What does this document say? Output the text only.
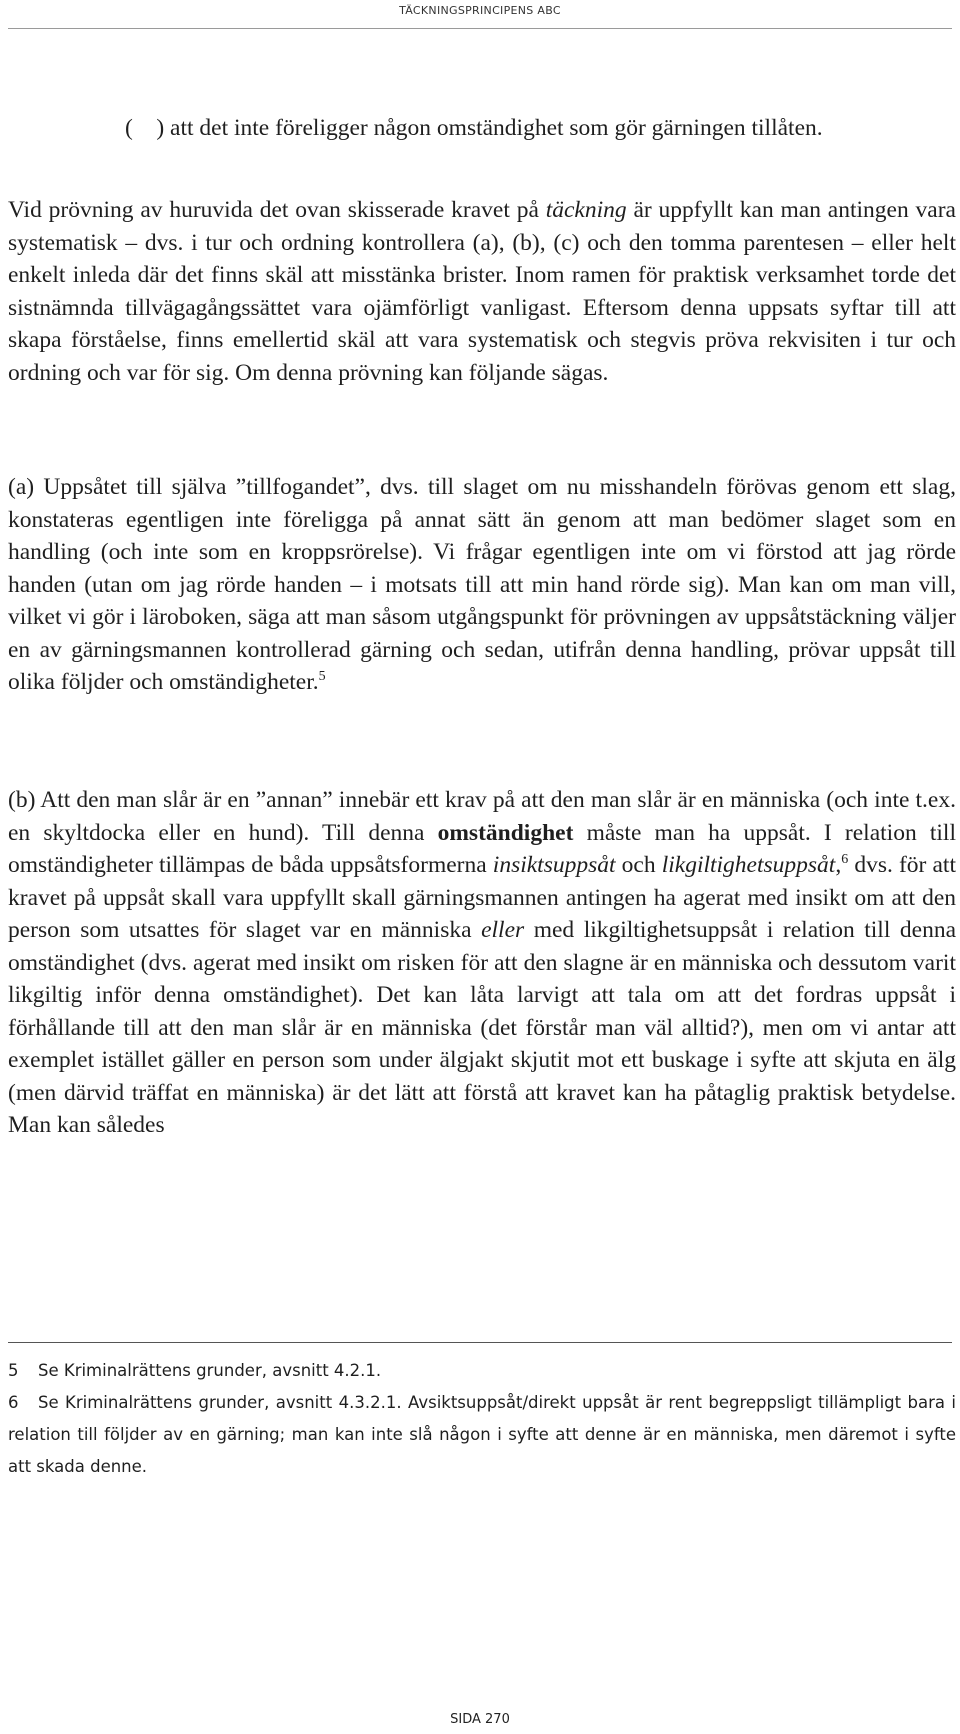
TÄCKNINGSPRINCIPENS ABC

( ) att det inte föreligger någon omständighet som gör gärningen tillåten.

Vid prövning av huruvida det ovan skisserade kravet på täckning är uppfyllt kan man antingen vara systematisk – dvs. i tur och ordning kontrollera (a), (b), (c) och den tomma parentesen – eller helt enkelt inleda där det finns skäl att misstänka brister. Inom ramen för praktisk verksamhet torde det sistnämnda tillvägagångssättet vara ojämförligt vanligast. Eftersom denna uppsats syftar till att skapa förståelse, finns emellertid skäl att vara systematisk och stegvis pröva rekvisiten i tur och ordning och var för sig. Om denna prövning kan följande sägas.

(a) Uppsåtet till själva ”tillfogandet”, dvs. till slaget om nu misshandeln förövas genom ett slag, konstateras egentligen inte föreligga på annat sätt än genom att man bedömer slaget som en handling (och inte som en kroppsrörelse). Vi frågar egentligen inte om vi förstod att jag rörde handen (utan om jag rörde handen – i motsats till att min hand rörde sig). Man kan om man vill, vilket vi gör i läroboken, säga att man såsom utgångspunkt för prövningen av uppsåtstäckning väljer en av gärningsmannen kontrollerad gärning och sedan, utifrån denna handling, prövar uppsåt till olika följder och omständigheter.$^5$

(b) Att den man slår är en ”annan” innebär ett krav på att den man slår är en människa (och inte t.ex. en skyltdocka eller en hund). Till denna omständighet måste man ha uppsåt. I relation till omständigheter tillämpas de båda uppsåtsformerna insiktsuppsåt och likgiltighetsuppsåt,$^6$ dvs. för att kravet på uppsåt skall vara uppfyllt skall gärningsmannen antingen ha agerat med insikt om att den person som utsattes för slaget var en människa eller med likgiltighetsuppsåt i relation till denna omständighet (dvs. agerat med insikt om risken för att den slagne är en människa och dessutom varit likgiltig inför denna omständighet). Det kan låta larvigt att tala om att det fordras uppsåt i förhållande till att den man slår är en människa (det förstår man väl alltid?), men om vi antar att exemplet istället gäller en person som under älgjakt skjutit mot ett buskage i syfte att skjuta en älg (men därvid träffat en människa) är det lätt att förstå att kravet kan ha påtaglig praktisk betydelse. Man kan således

5 Se Kriminalrättens grunder, avsnitt 4.2.1.

6 Se Kriminalrättens grunder, avsnitt 4.3.2.1. Avsiktsuppsåt/direkt uppsåt är rent begreppsligt tillämpligt bara i relation till följder av en gärning; man kan inte slå någon i syfte att denne är en människa, men däremot i syfte att skada denne.

SIDA 270
